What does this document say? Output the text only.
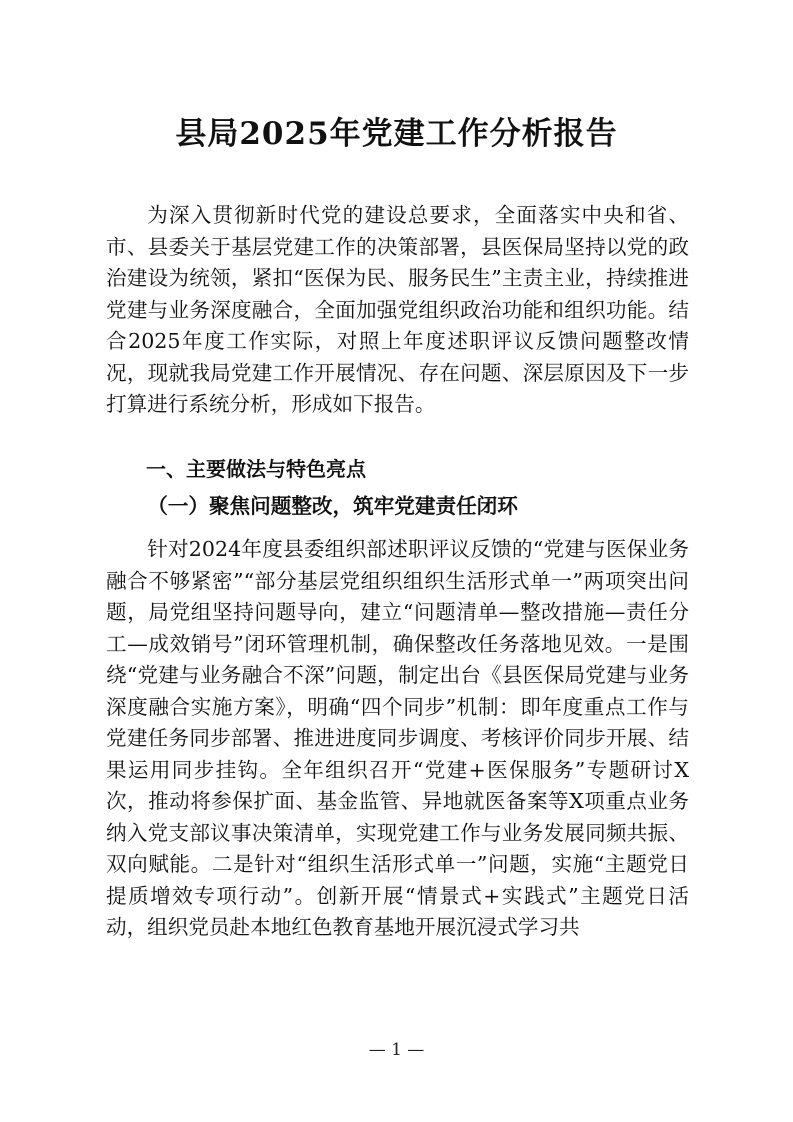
县局2025年党建工作分析报告

为深入贯彻新时代党的建设总要求，全面落实中央和省、市、县委关于基层党建工作的决策部署，县医保局坚持以党的政治建设为统领，紧扣“医保为民、服务民生”主责主业，持续推进党建与业务深度融合，全面加强党组织政治功能和组织功能。结合2025年度工作实际，对照上年度述职评议反馈问题整改情况，现就我局党建工作开展情况、存在问题、深层原因及下一步打算进行系统分析，形成如下报告。

一、主要做法与特色亮点

（一）聚焦问题整改，筑牢党建责任闭环

针对2024年度县委组织部述职评议反馈的“党建与医保业务融合不够紧密”“部分基层党组织组织生活形式单一”两项突出问题，局党组坚持问题导向，建立“问题清单—整改措施—责任分工—成效销号”闭环管理机制，确保整改任务落地见效。一是围绕“党建与业务融合不深”问题，制定出台《县医保局党建与业务深度融合实施方案》，明确“四个同步”机制：即年度重点工作与党建任务同步部署、推进进度同步调度、考核评价同步开展、结果运用同步挂钩。全年组织召开“党建+医保服务”专题研讨X次，推动将参保扩面、基金监管、异地就医备案等X项重点业务纳入党支部议事决策清单，实现党建工作与业务发展同频共振、双向赋能。二是针对“组织生活形式单一”问题，实施“主题党日提质增效专项行动”。创新开展“情景式+实践式”主题党日活动，组织党员赴本地红色教育基地开展沉浸式学习共

— 1 —
